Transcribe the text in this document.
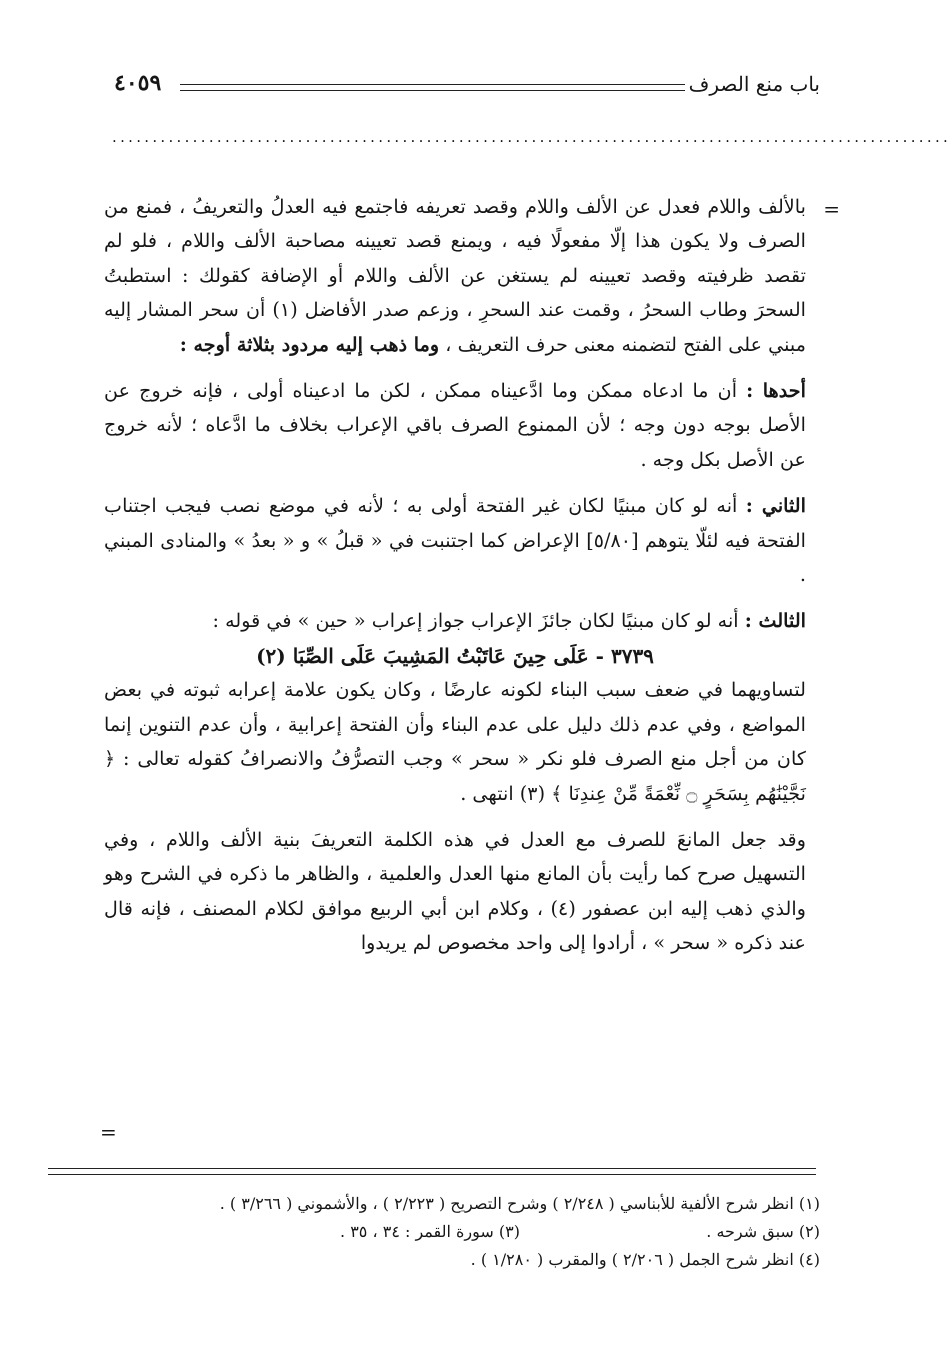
باب منع الصرف
٤٠٥٩
........................................................................................................
=

بالألف واللام فعدل عن الألف واللام وقصد تعريفه فاجتمع فيه العدلُ والتعريفُ ، فمنع من الصرف ولا يكون هذا إلّا مفعولًا فيه ، ويمنع قصد تعيينه مصاحبة الألف واللام ، فلو لم تقصد ظرفيته وقصد تعيينه لم يستغن عن الألف واللام أو الإضافة كقولك : استطبتُ السحرَ وطاب السحرُ ، وقمت عند السحرِ ، وزعم صدر الأفاضل (١) أن سحر المشار إليه مبني على الفتح لتضمنه معنى حرف التعريف ، وما ذهب إليه مردود بثلاثة أوجه :

أحدها : أن ما ادعاه ممكن وما ادَّعيناه ممكن ، لكن ما ادعيناه أولى ، فإنه خروج عن الأصل بوجه دون وجه ؛ لأن الممنوع الصرف باقي الإعراب بخلاف ما ادَّعاه ؛ لأنه خروج عن الأصل بكل وجه .

الثاني : أنه لو كان مبنيًا لكان غير الفتحة أولى به ؛ لأنه في موضع نصب فيجب اجتناب الفتحة فيه لئلّا يتوهم [٥/٨٠] الإعراض كما اجتنبت في « قبلُ » و « بعدُ » والمنادى المبني .

الثالث : أنه لو كان مبنيًا لكان جائزَ الإعراب جواز إعراب « حين » في قوله :

٣٧٣٩ - عَلَى حِينَ عَاتَبْتُ المَشِيبَ عَلَى الصِّبَا (٢)

لتساويهما في ضعف سبب البناء لكونه عارضًا ، وكان يكون علامة إعرابه ثبوته في بعض المواضع ، وفي عدم ذلك دليل على عدم البناء وأن الفتحة إعرابية ، وأن عدم التنوين إنما كان من أجل منع الصرف فلو نكر « سحر » وجب التصرُّفُ والانصرافُ كقوله تعالى : ﴿ نَجَّيْنَٰهُم بِسَحَرٍ ۝ نِّعْمَةً مِّنْ عِندِنَا ﴾ (٣) انتهى .

وقد جعل المانعَ للصرف مع العدل في هذه الكلمة التعريفَ بنية الألف واللام ، وفي التسهيل صرح كما رأيت بأن المانع منها العدل والعلمية ، والظاهر ما ذكره في الشرح وهو والذي ذهب إليه ابن عصفور (٤) ، وكلام ابن أبي الربيع موافق لكلام المصنف ، فإنه قال عند ذكره « سحر » ، أرادوا إلى واحد مخصوص لم يريدوا

=
(١) انظر شرح الألفية للأبناسي ( ٢/٢٤٨ ) وشرح التصريح ( ٢/٢٢٣ ) ، والأشموني ( ٣/٢٦٦ ) .
(٢) سبق شرحه .
(٣) سورة القمر : ٣٤ ، ٣٥ .
(٤) انظر شرح الجمل ( ٢/٢٠٦ ) والمقرب ( ١/٢٨٠ ) .
